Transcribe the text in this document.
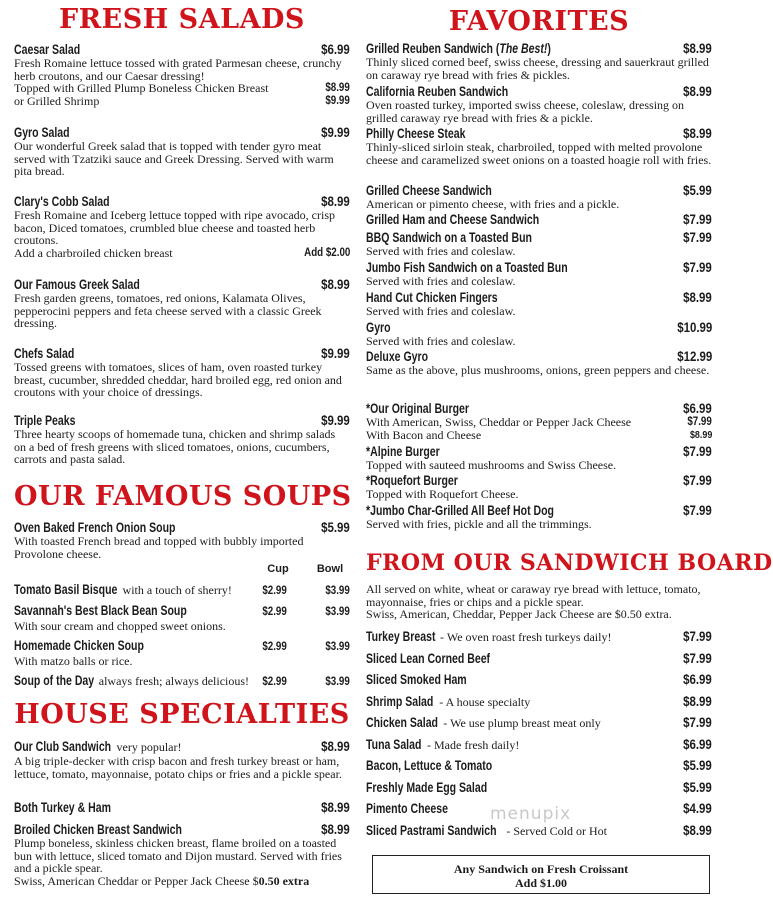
FRESH SALADS
Caesar Salad	$6.99
Fresh Romaine lettuce tossed with grated Parmesan cheese, crunchy herb croutons, and our Caesar dressing!
Topped with Grilled Plump Boneless Chicken Breast	$8.99
or Grilled Shrimp	$9.99
Gyro Salad	$9.99
Our wonderful Greek salad that is topped with tender gyro meat served with Tzatziki sauce and Greek Dressing. Served with warm pita bread.
Clary's Cobb Salad	$8.99
Fresh Romaine and Iceberg lettuce topped with ripe avocado, crisp bacon, Diced tomatoes, crumbled blue cheese and toasted herb croutons.
Add a charbroiled chicken breast	Add $2.00
Our Famous Greek Salad	$8.99
Fresh garden greens, tomatoes, red onions, Kalamata Olives, pepperocini peppers and feta cheese served with a classic Greek dressing.
Chefs Salad	$9.99
Tossed greens with tomatoes, slices of ham, oven roasted turkey breast, cucumber, shredded cheddar, hard broiled egg, red onion and croutons with your choice of dressings.
Triple Peaks	$9.99
Three hearty scoops of homemade tuna, chicken and shrimp salads on a bed of fresh greens with sliced tomatoes, onions, cucumbers, carrots and pasta salad.
OUR FAMOUS SOUPS
Oven Baked French Onion Soup	$5.99
With toasted French bread and topped with bubbly imported Provolone cheese.
Cup	Bowl
Tomato Basil Bisque with a touch of sherry!	$2.99	$3.99
Savannah's Best Black Bean Soup	$2.99	$3.99
With sour cream and chopped sweet onions.
Homemade Chicken Soup	$2.99	$3.99
With matzo balls or rice.
Soup of the Day always fresh; always delicious! $2.99	$3.99
HOUSE SPECIALTIES
Our Club Sandwich very popular!	$8.99
A big triple-decker with crisp bacon and fresh turkey breast or ham, lettuce, tomato, mayonnaise, potato chips or fries and a pickle spear.
Both Turkey & Ham	$8.99
Broiled Chicken Breast Sandwich	$8.99
Plump boneless, skinless chicken breast, flame broiled on a toasted bun with lettuce, sliced tomato and Dijon mustard. Served with fries and a pickle spear.
Swiss, American Cheddar or Pepper Jack Cheese $0.50 extra
FAVORITES
Grilled Reuben Sandwich (The Best!)	$8.99
Thinly sliced corned beef, swiss cheese, dressing and sauerkraut grilled on caraway rye bread with fries & pickles.
California Reuben Sandwich	$8.99
Oven roasted turkey, imported swiss cheese, coleslaw, dressing on grilled caraway rye bread with fries & a pickle.
Philly Cheese Steak	$8.99
Thinly-sliced sirloin steak, charbroiled, topped with melted provolone cheese and caramelized sweet onions on a toasted hoagie roll with fries.
Grilled Cheese Sandwich	$5.99
American or pimento cheese, with fries and a pickle.
Grilled Ham and Cheese Sandwich	$7.99
BBQ Sandwich on a Toasted Bun	$7.99
Served with fries and coleslaw.
Jumbo Fish Sandwich on a Toasted Bun	$7.99
Served with fries and coleslaw.
Hand Cut Chicken Fingers	$8.99
Served with fries and coleslaw.
Gyro	$10.99
Served with fries and coleslaw.
Deluxe Gyro	$12.99
Same as the above, plus mushrooms, onions, green peppers and cheese.
*Our Original Burger	$6.99
With American, Swiss, Cheddar or Pepper Jack Cheese	$7.99
With Bacon and Cheese	$8.99
*Alpine Burger	$7.99
Topped with sauteed mushrooms and Swiss Cheese.
*Roquefort Burger	$7.99
Topped with Roquefort Cheese.
*Jumbo Char-Grilled All Beef Hot Dog	$7.99
Served with fries, pickle and all the trimmings.
FROM OUR SANDWICH BOARD
All served on white, wheat or caraway rye bread with lettuce, tomato, mayonnaise, fries or chips and a pickle spear.
Swiss, American, Cheddar, Pepper Jack Cheese are $0.50 extra.
Turkey Breast - We oven roast fresh turkeys daily!	$7.99
Sliced Lean Corned Beef	$7.99
Sliced Smoked Ham	$6.99
Shrimp Salad - A house specialty	$8.99
Chicken Salad - We use plump breast meat only	$7.99
Tuna Salad - Made fresh daily!	$6.99
Bacon, Lettuce & Tomato	$5.99
Freshly Made Egg Salad	$5.99
Pimento Cheese	$4.99
Sliced Pastrami Sandwich - Served Cold or Hot	$8.99
menupix
Any Sandwich on Fresh Croissant
Add $1.00
